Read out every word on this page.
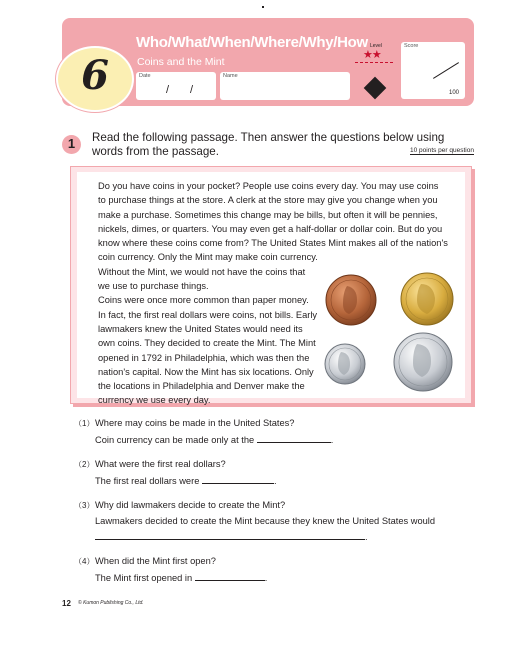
6
Who/What/When/Where/Why/How
Coins and the Mint
Date
/ /
Name
Level
★★
Score
100
1	Read the following passage. Then answer the questions below using words from the passage.	10 points per question

Do you have coins in your pocket? People use coins every day. You may use coins
to purchase things at the store. A clerk at the store may give you change when you
make a purchase. Sometimes this change may be bills, but often it will be pennies,
nickels, dimes, or quarters. You may even get a half-dollar or dollar coin. But do you
know where these coins come from? The United States Mint makes all of the nation's
coin currency. Only the Mint may make coin currency.
Without the Mint, we would not have the coins that
we use to purchase things.

Coins were once more common than paper money.
In fact, the first real dollars were coins, not bills. Early
lawmakers knew the United States would need its
own coins. They decided to create the Mint. The Mint
opened in 1792 in Philadelphia, which was then the
nation's capital. Now the Mint has six locations. Only
the locations in Philadelphia and Denver make the
currency we use every day.

（1） Where may coins be made in the United States?
Coin currency can be made only at the	.
（2） What were the first real dollars?
The first real dollars were	.
（3） Why did lawmakers decide to create the Mint?
Lawmakers decided to create the Mint because they knew the United States would
.
（4） When did the Mint first open?
The Mint first opened in	.
12 © Kumon Publishing Co., Ltd.
